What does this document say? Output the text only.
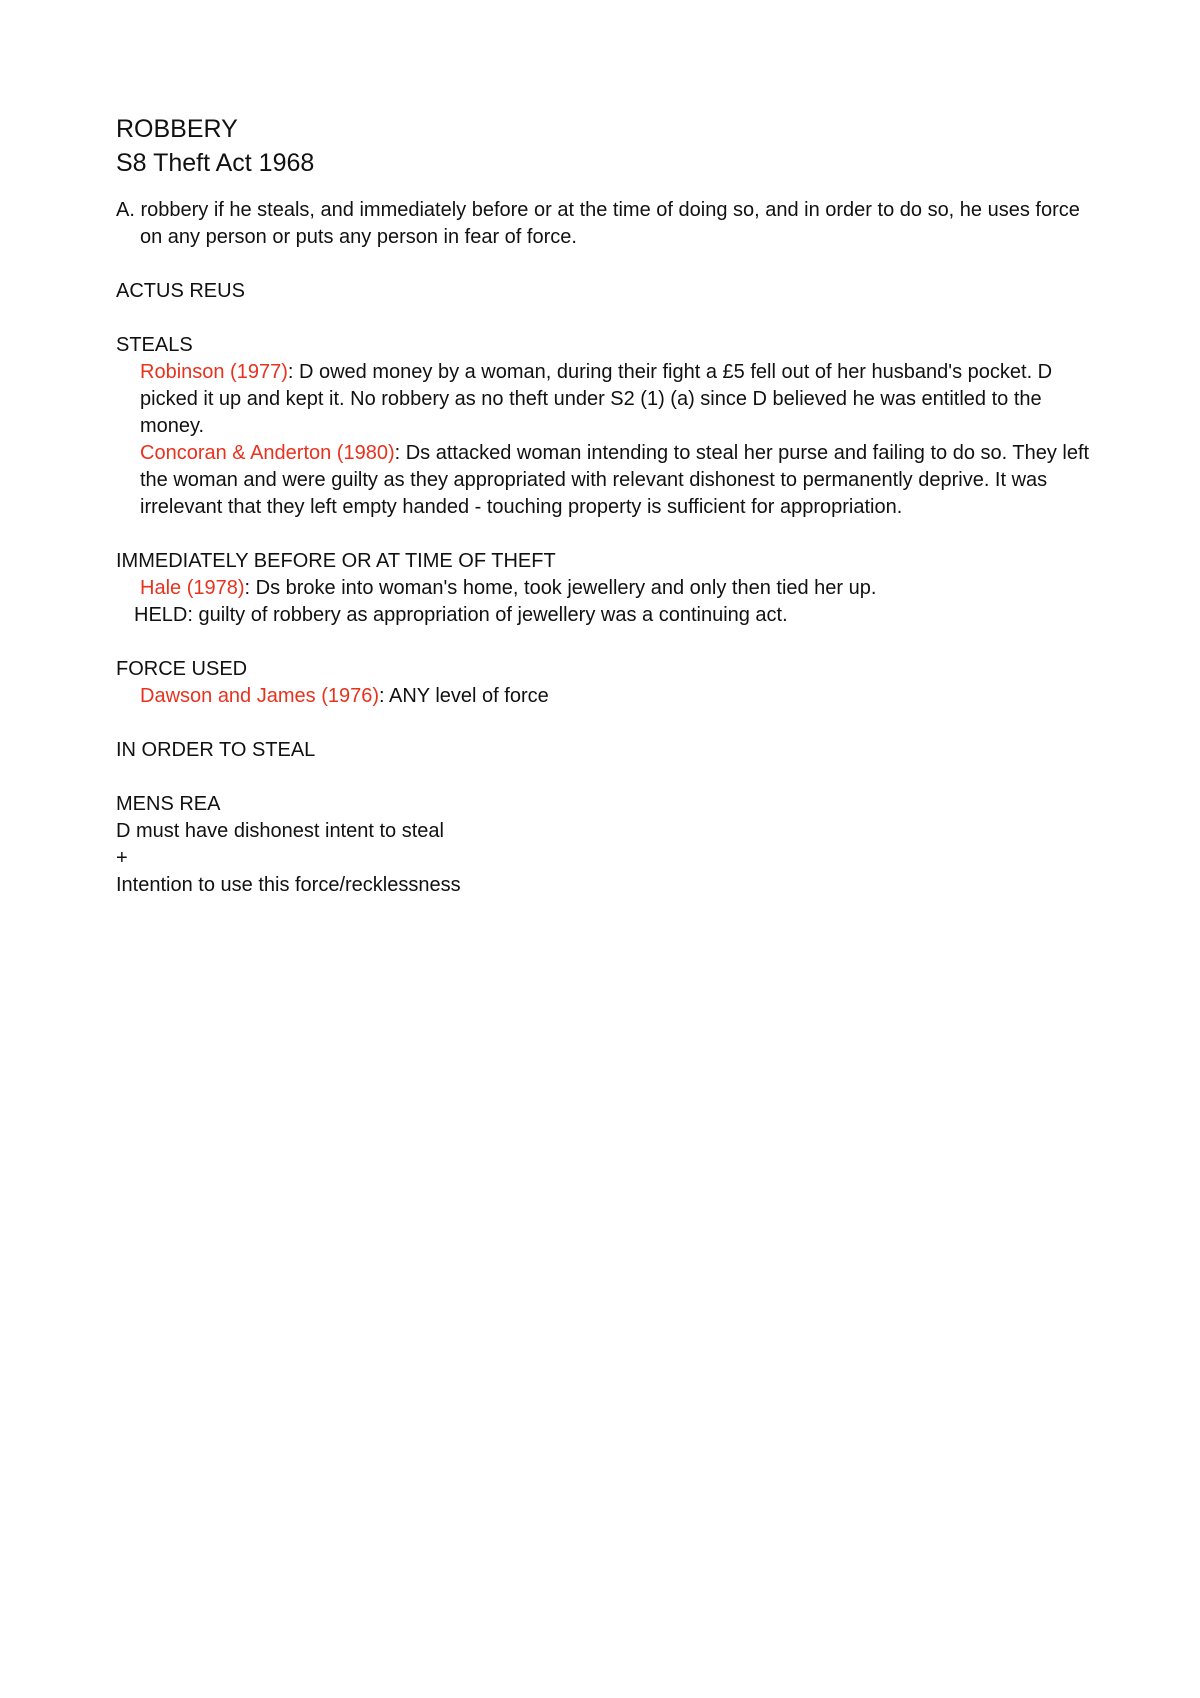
ROBBERY
S8 Theft Act 1968
A. robbery if he steals, and immediately before or at the time of doing so, and in order to do so, he uses force on any person or puts any person in fear of force.
ACTUS REUS
STEALS
Robinson (1977): D owed money by a woman, during their fight a £5 fell out of her husband's pocket. D picked it up and kept it. No robbery as no theft under S2 (1) (a) since D believed he was entitled to the money.
Concoran & Anderton (1980): Ds attacked woman intending to steal her purse and failing to do so. They left the woman and were guilty as they appropriated with relevant dishonest to permanently deprive. It was irrelevant that they left empty handed - touching property is sufficient for appropriation.
IMMEDIATELY BEFORE OR AT TIME OF THEFT
Hale (1978): Ds broke into woman's home, took jewellery and only then tied her up.
HELD: guilty of robbery as appropriation of jewellery was a continuing act.
FORCE USED
Dawson and James (1976): ANY level of force
IN ORDER TO STEAL
MENS REA
D must have dishonest intent to steal
+
Intention to use this force/recklessness
